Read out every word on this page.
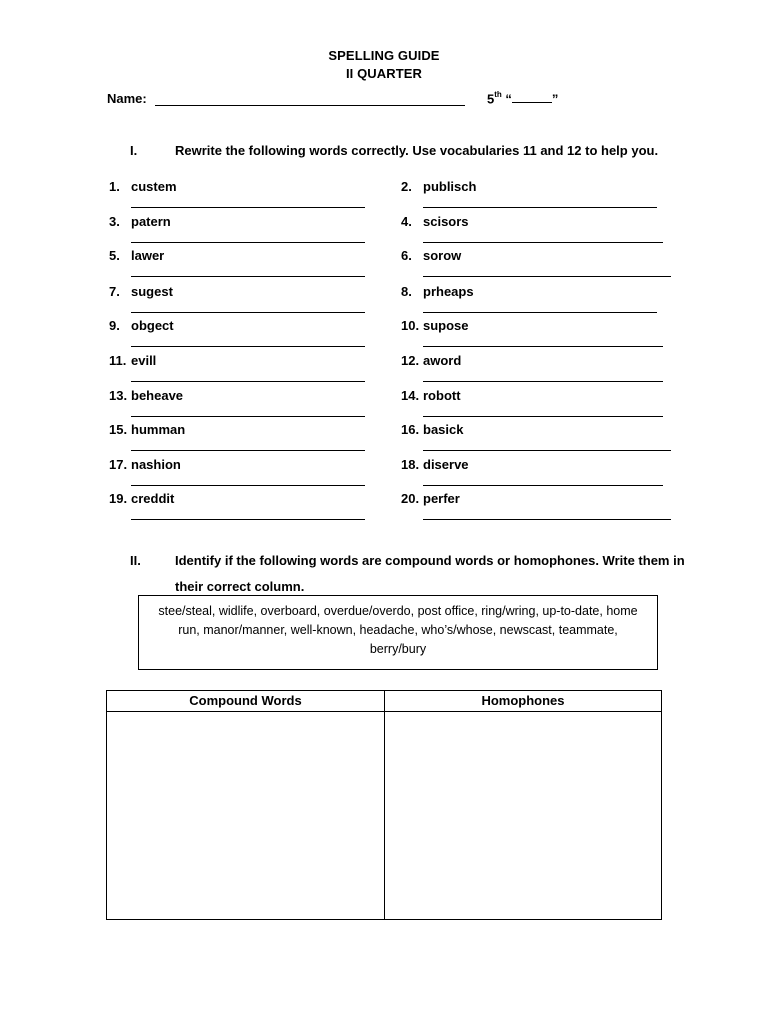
SPELLING GUIDE
II QUARTER
Name:	5th “	”
I.	Rewrite the following words correctly. Use vocabularies 11 and 12 to help you.
1. custem	2. publisch
3. patern	4. scisors
5. lawer	6. sorow
7. sugest	8. prheaps
9. obgect	10. supose
11. evill	12. aword
13. beheave	14. robott
15. humman	16. basick
17. nashion	18. diserve
19. creddit	20. perfer
II.	Identify if the following words are compound words or homophones. Write them in
their correct column.
stee/steal, widlife, overboard, overdue/overdo, post office, ring/wring, up-to-date, home
run, manor/manner, well-known, headache, who’s/whose, newscast, teammate,
berry/bury
Compound Words	Homophones
